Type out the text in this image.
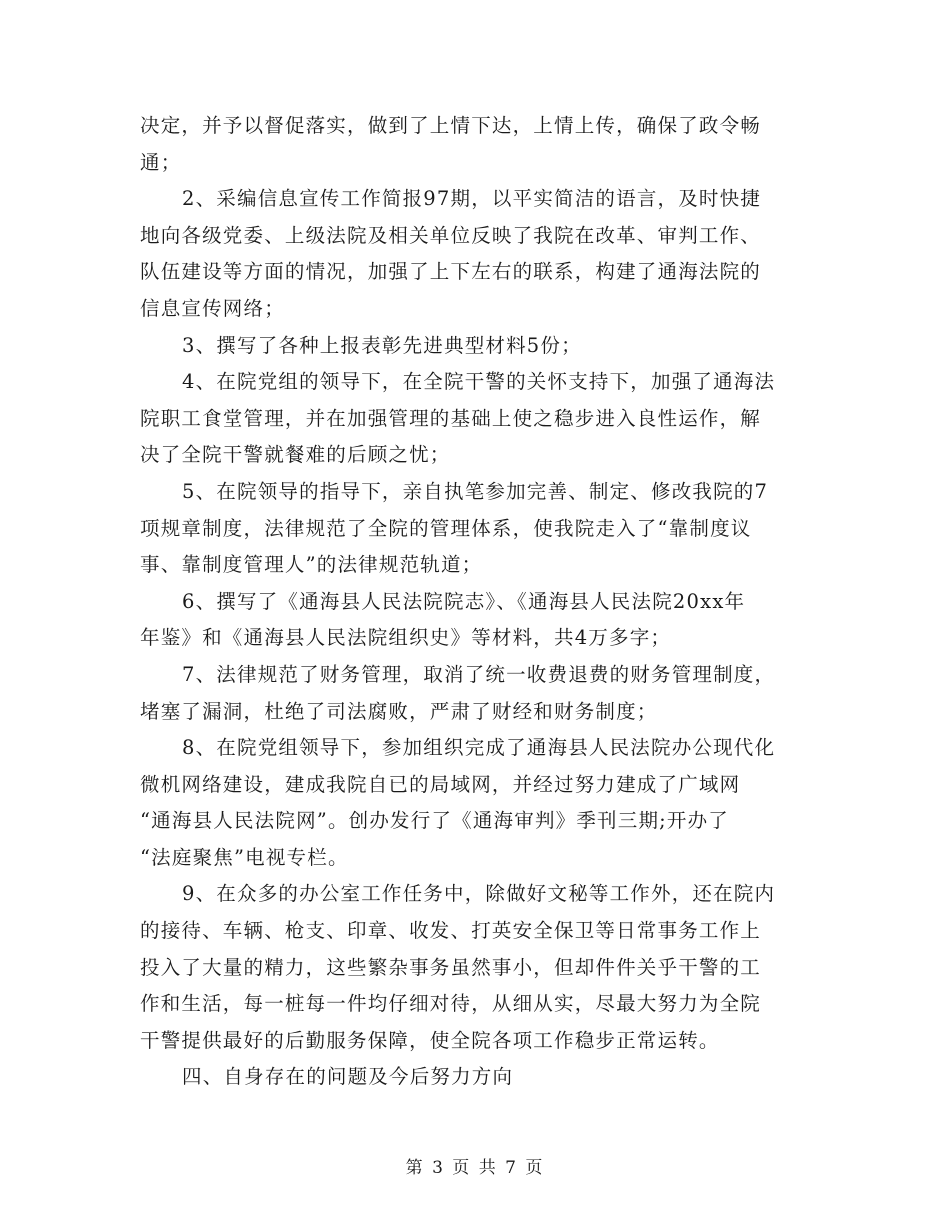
决定，并予以督促落实，做到了上情下达，上情上传，确保了政令畅
通；
2、采编信息宣传工作简报97期，以平实简洁的语言，及时快捷
地向各级党委、上级法院及相关单位反映了我院在改革、审判工作、
队伍建设等方面的情况，加强了上下左右的联系，构建了通海法院的
信息宣传网络；
3、撰写了各种上报表彰先进典型材料5份；
4、在院党组的领导下，在全院干警的关怀支持下，加强了通海法
院职工食堂管理，并在加强管理的基础上使之稳步进入良性运作，解
决了全院干警就餐难的后顾之忧；
5、在院领导的指导下，亲自执笔参加完善、制定、修改我院的7
项规章制度，法律规范了全院的管理体系，使我院走入了“靠制度议
事、靠制度管理人”的法律规范轨道；
6、撰写了《通海县人民法院院志》、《通海县人民法院20xx年
年鉴》和《通海县人民法院组织史》等材料，共4万多字；
7、法律规范了财务管理，取消了统一收费退费的财务管理制度，
堵塞了漏洞，杜绝了司法腐败，严肃了财经和财务制度；
8、在院党组领导下，参加组织完成了通海县人民法院办公现代化
微机网络建设，建成我院自已的局域网，并经过努力建成了广域网
“通海县人民法院网”。创办发行了《通海审判》季刊三期;开办了
“法庭聚焦”电视专栏。
9、在众多的办公室工作任务中，除做好文秘等工作外，还在院内
的接待、车辆、枪支、印章、收发、打英安全保卫等日常事务工作上
投入了大量的精力，这些繁杂事务虽然事小，但却件件关乎干警的工
作和生活，每一桩每一件均仔细对待，从细从实，尽最大努力为全院
干警提供最好的后勤服务保障，使全院各项工作稳步正常运转。
四、自身存在的问题及今后努力方向
第 3 页 共 7 页
